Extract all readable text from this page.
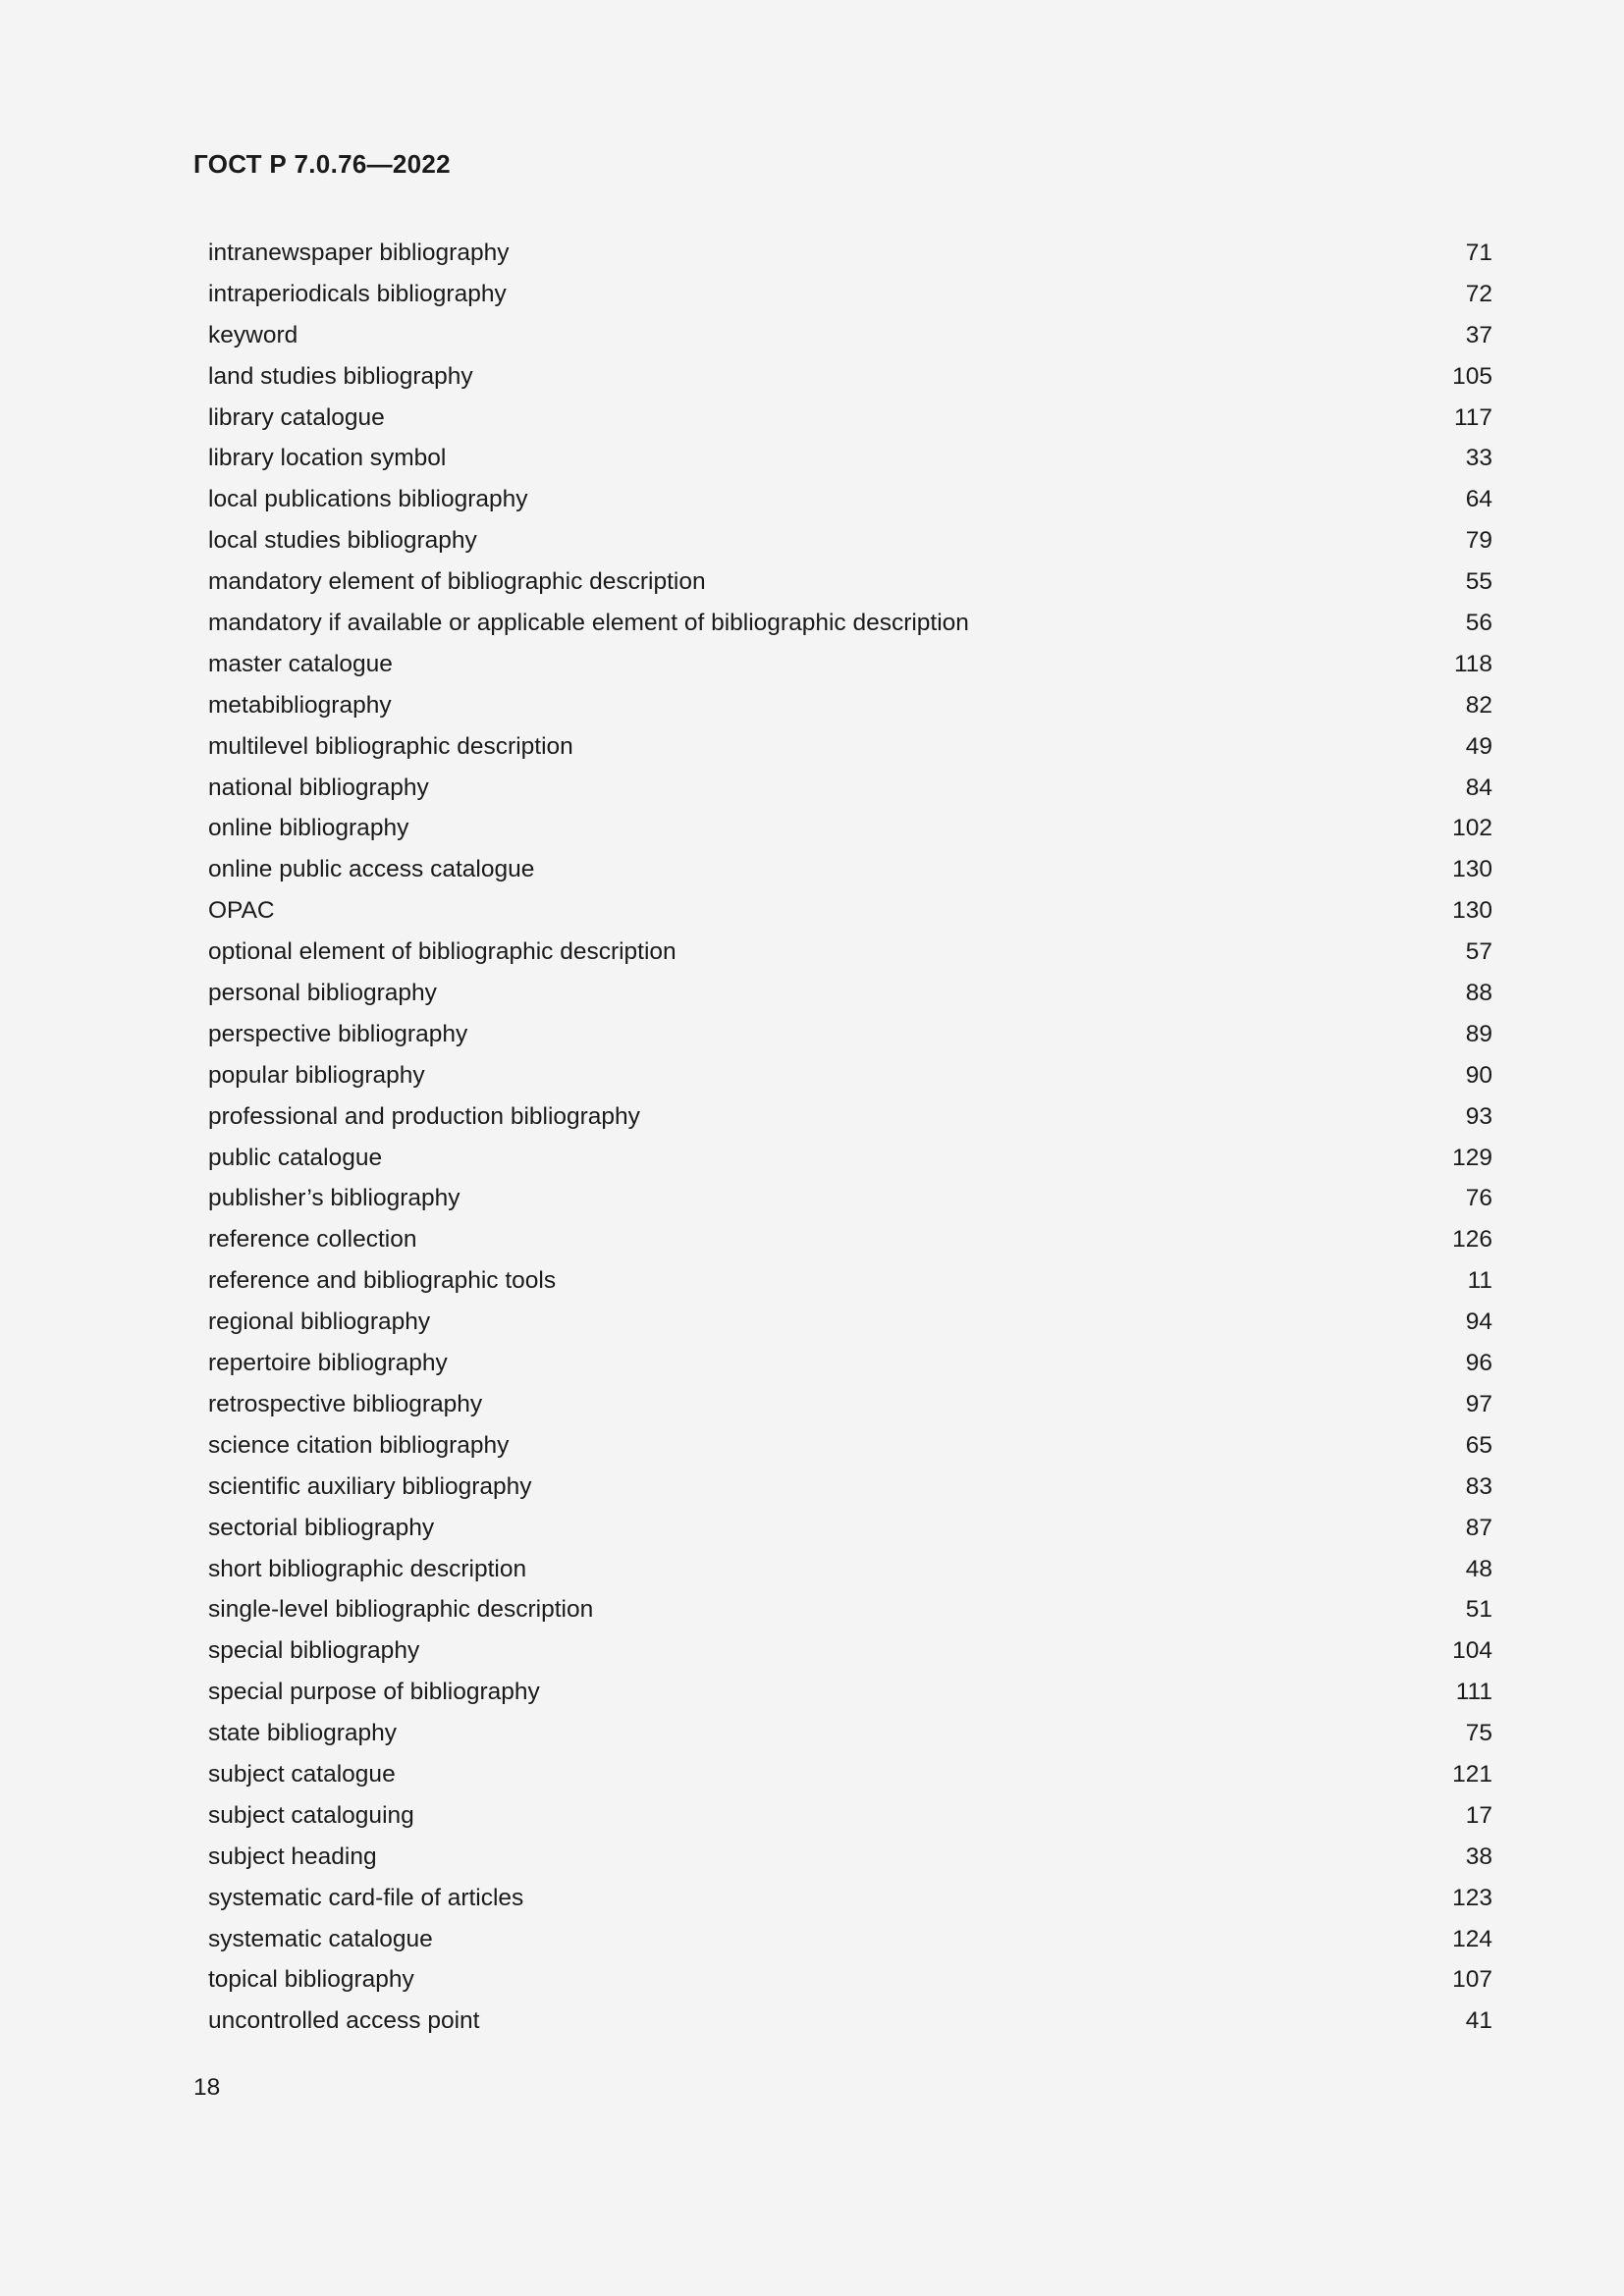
ГОСТ Р 7.0.76—2022
intranewspaper bibliography	71
intraperiodicals bibliography	72
keyword	37
land studies bibliography	105
library catalogue	117
library location symbol	33
local publications bibliography	64
local studies bibliography	79
mandatory element of bibliographic description	55
mandatory if available or applicable element of bibliographic description	56
master catalogue	118
metabibliography	82
multilevel bibliographic description	49
national bibliography	84
online bibliography	102
online public access catalogue	130
OPAC	130
optional element of bibliographic description	57
personal bibliography	88
perspective bibliography	89
popular bibliography	90
professional and production bibliography	93
public catalogue	129
publisher’s bibliography	76
reference collection	126
reference and bibliographic tools	11
regional bibliography	94
repertoire bibliography	96
retrospective bibliography	97
science citation bibliography	65
scientific auxiliary bibliography	83
sectorial bibliography	87
short bibliographic description	48
single-level bibliographic description	51
special bibliography	104
special purpose of bibliography	111
state bibliography	75
subject catalogue	121
subject cataloguing	17
subject heading	38
systematic card-file of articles	123
systematic catalogue	124
topical bibliography	107
uncontrolled access point	41
18
